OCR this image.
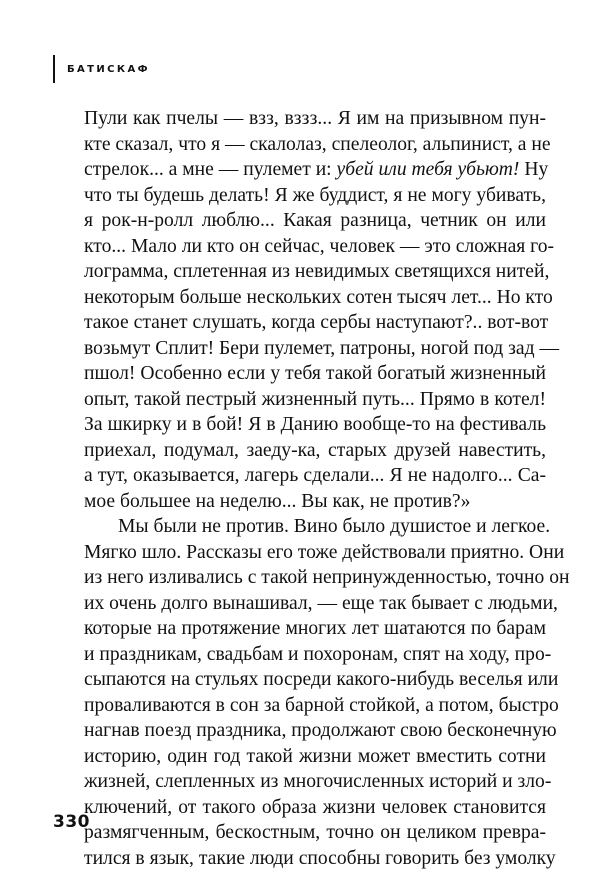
БАТИСКАФ
Пули как пчелы — взз, вззз... Я им на призывном пун-
кте сказал, что я — скалолаз, спелеолог, альпинист, а не
стрелок... а мне — пулемет и: убей или тебя убьют! Ну
что ты будешь делать! Я же буддист, я не могу убивать,
я рок-н-ролл люблю... Какая разница, четник он или
кто... Мало ли кто он сейчас, человек — это сложная го-
лограмма, сплетенная из невидимых светящихся нитей,
некоторым больше нескольких сотен тысяч лет... Но кто
такое станет слушать, когда сербы наступают?.. вот-вот
возьмут Сплит! Бери пулемет, патроны, ногой под зад —
пшол! Особенно если у тебя такой богатый жизненный
опыт, такой пестрый жизненный путь... Прямо в котел!
За шкирку и в бой! Я в Данию вообще-то на фестиваль
приехал, подумал, заеду-ка, старых друзей навестить,
а тут, оказывается, лагерь сделали... Я не надолго... Са-
мое большее на неделю... Вы как, не против?»
Мы были не против. Вино было душистое и легкое.
Мягко шло. Рассказы его тоже действовали приятно. Они
из него изливались с такой непринужденностью, точно он
их очень долго вынашивал, — еще так бывает с людьми,
которые на протяжение многих лет шатаются по барам
и праздникам, свадьбам и похоронам, спят на ходу, про-
сыпаются на стульях посреди какого-нибудь веселья или
проваливаются в сон за барной стойкой, а потом, быстро
нагнав поезд праздника, продолжают свою бесконечную
историю, один год такой жизни может вместить сотни
жизней, слепленных из многочисленных историй и зло-
ключений, от такого образа жизни человек становится
размягченным, бескостным, точно он целиком превра-
тился в язык, такие люди способны говорить без умолку
330
